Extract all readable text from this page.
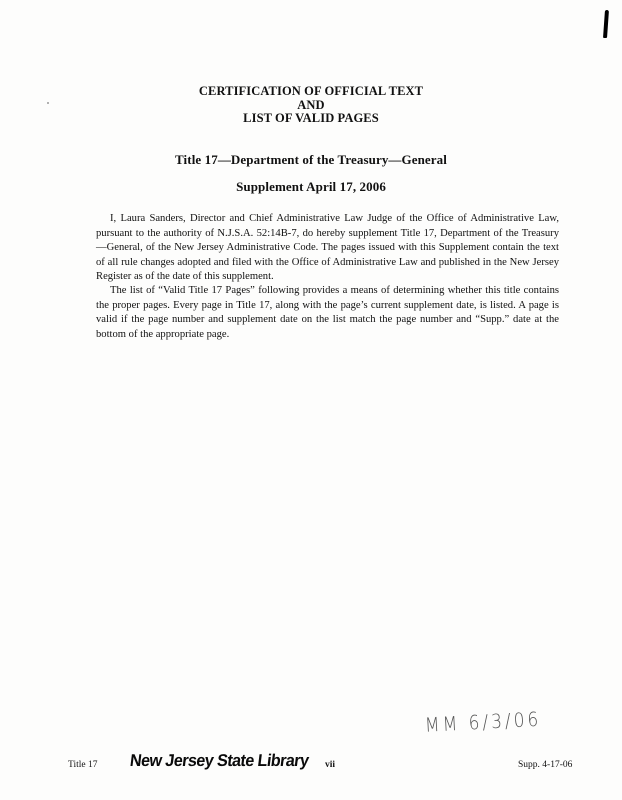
CERTIFICATION OF OFFICIAL TEXT
AND
LIST OF VALID PAGES
Title 17—Department of the Treasury—General
Supplement April 17, 2006
I, Laura Sanders, Director and Chief Administrative Law Judge of the Office of Administrative Law, pursuant to the authority of N.J.S.A. 52:14B-7, do hereby supplement Title 17, Department of the Treasury—General, of the New Jersey Administrative Code. The pages issued with this Supplement contain the text of all rule changes adopted and filed with the Office of Administrative Law and published in the New Jersey Register as of the date of this supplement.
The list of “Valid Title 17 Pages” following provides a means of determining whether this title contains the proper pages. Every page in Title 17, along with the page’s current supplement date, is listed. A page is valid if the page number and supplement date on the list match the page number and “Supp.” date at the bottom of the appropriate page.
MM 6/3/06
Title 17 New Jersey State Library vii	Supp. 4-17-06
